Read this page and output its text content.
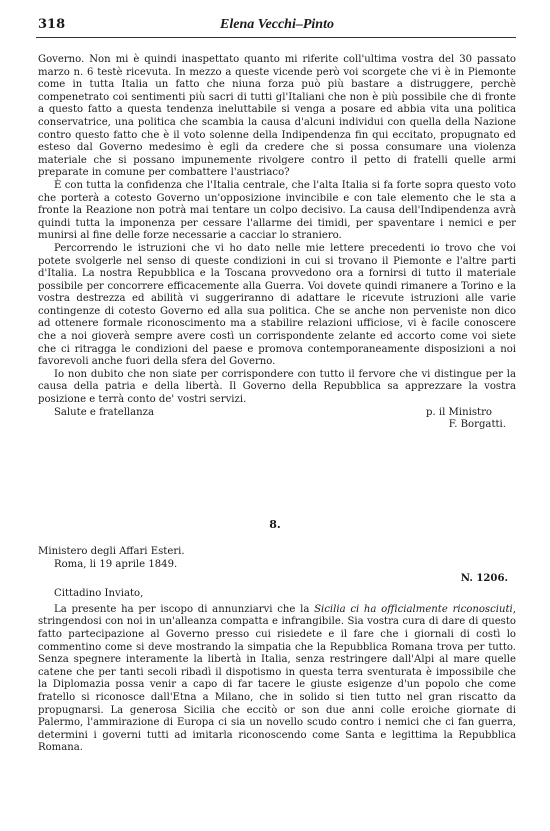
318	Elena Vecchi–Pinto

Governo. Non mi è quindi inaspettato quanto mi riferite coll'ultima vostra del 30 passato marzo n. 6 testè ricevuta. In mezzo a queste vicende però voi scorgete che vi è in Piemonte come in tutta Italia un fatto che niuna forza può più bastare a distruggere, perchè compenetrato coi sentimenti più sacri di tutti gl'Italiani che non è più possibile che di fronte a questo fatto a questa tendenza ineluttabile si venga a posare ed abbia vita una politica conservatrice, una politica che scambia la causa d'alcuni individui con quella della Nazione contro questo fatto che è il voto solenne della Indipendenza fin qui eccitato, propugnato ed esteso dal Governo medesimo è egli da credere che si possa consumare una violenza materiale che si possano impunemente rivolgere contro il petto di fratelli quelle armi preparate in comune per combattere l'austriaco?

È con tutta la confidenza che l'Italia centrale, che l'alta Italia si fa forte sopra questo voto che porterà a cotesto Governo un'opposizione invincibile e con tale elemento che le sta a fronte la Reazione non potrà mai tentare un colpo decisivo. La causa dell'Indipendenza avrà quindi tutta la imponenza per cessare l'allarme dei timidi, per spaventare i nemici e per munirsi al fine delle forze necessarie a cacciar lo straniero.

Percorrendo le istruzioni che vi ho dato nelle mie lettere precedenti io trovo che voi potete svolgerle nel senso di queste condizioni in cui si trovano il Piemonte e l'altre parti d'Italia. La nostra Repubblica e la Toscana provvedono ora a fornirsi di tutto il materiale possibile per concorrere efficacemente alla Guerra. Voi dovete quindi rimanere a Torino e la vostra destrezza ed abilità vi suggeriranno di adattare le ricevute istruzioni alle varie contingenze di cotesto Governo ed alla sua politica. Che se anche non perveniste non dico ad ottenere formale riconoscimento ma a stabilire relazioni ufficiose, vi è facile conoscere che a noi gioverà sempre avere costì un corrispondente zelante ed accorto come voi siete che ci ritragga le condizioni del paese e promova contemporaneamente disposizioni a noi favorevoli anche fuori della sfera del Governo.

Io non dubito che non siate per corrispondere con tutto il fervore che vi distingue per la causa della patria e della libertà. Il Governo della Repubblica sa apprezzare la vostra posizione e terrà conto de' vostri servizi.

Salute e fratellanza	p. il Ministro
F. Borgatti.
8.

Ministero degli Affari Esteri.

Roma, li 19 aprile 1849.

N. 1206.

Cittadino Inviato,

La presente ha per iscopo di annunziarvi che la Sicilia ci ha officialmente riconosciuti, stringendosi con noi in un'alleanza compatta e infrangibile. Sia vostra cura di dare di questo fatto partecipazione al Governo presso cui risiedete e il fare che i giornali di costì lo commentino come si deve mostrando la simpatia che la Repubblica Romana trova per tutto. Senza spegnere interamente la libertà in Italia, senza restringere dall'Alpi al mare quelle catene che per tanti secoli ribadì il dispotismo in questa terra sventurata è impossibile che la Diplomazia possa venir a capo di far tacere le giuste esigenze d'un popolo che come fratello si riconosce dall'Etna a Milano, che in solido si tien tutto nel gran riscatto da propugnarsi. La generosa Sicilia che eccitò or son due anni colle eroiche giornate di Palermo, l'ammirazione di Europa ci sia un novello scudo contro i nemici che ci fan guerra, determini i governi tutti ad imitarla riconoscendo come Santa e legittima la Repubblica Romana.
